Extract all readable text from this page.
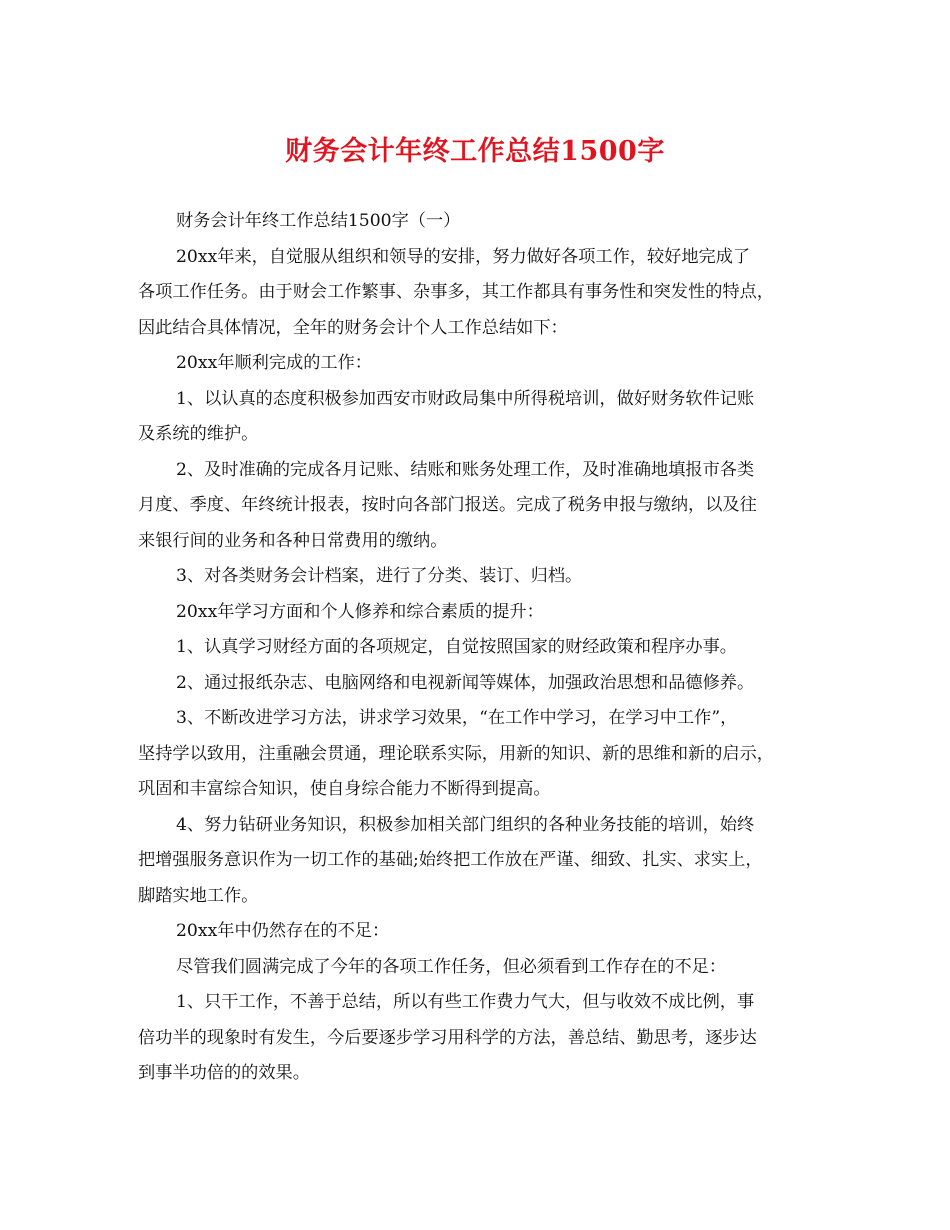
财务会计年终工作总结1500字
财务会计年终工作总结1500字（一）
20xx年来，自觉服从组织和领导的安排，努力做好各项工作，较好地完成了
各项工作任务。由于财会工作繁事、杂事多，其工作都具有事务性和突发性的特点，
因此结合具体情况，全年的财务会计个人工作总结如下：
20xx年顺利完成的工作：
1、以认真的态度积极参加西安市财政局集中所得税培训，做好财务软件记账
及系统的维护。
2、及时准确的完成各月记账、结账和账务处理工作，及时准确地填报市各类
月度、季度、年终统计报表，按时向各部门报送。完成了税务申报与缴纳，以及往
来银行间的业务和各种日常费用的缴纳。
3、对各类财务会计档案，进行了分类、装订、归档。
20xx年学习方面和个人修养和综合素质的提升：
1、认真学习财经方面的各项规定，自觉按照国家的财经政策和程序办事。
2、通过报纸杂志、电脑网络和电视新闻等媒体，加强政治思想和品德修养。
3、不断改进学习方法，讲求学习效果，“在工作中学习，在学习中工作”，
坚持学以致用，注重融会贯通，理论联系实际，用新的知识、新的思维和新的启示，
巩固和丰富综合知识，使自身综合能力不断得到提高。
4、努力钻研业务知识，积极参加相关部门组织的各种业务技能的培训，始终
把增强服务意识作为一切工作的基础;始终把工作放在严谨、细致、扎实、求实上，
脚踏实地工作。
20xx年中仍然存在的不足：
尽管我们圆满完成了今年的各项工作任务，但必须看到工作存在的不足：
1、只干工作，不善于总结，所以有些工作费力气大，但与收效不成比例，事
倍功半的现象时有发生，今后要逐步学习用科学的方法，善总结、勤思考，逐步达
到事半功倍的的效果。
